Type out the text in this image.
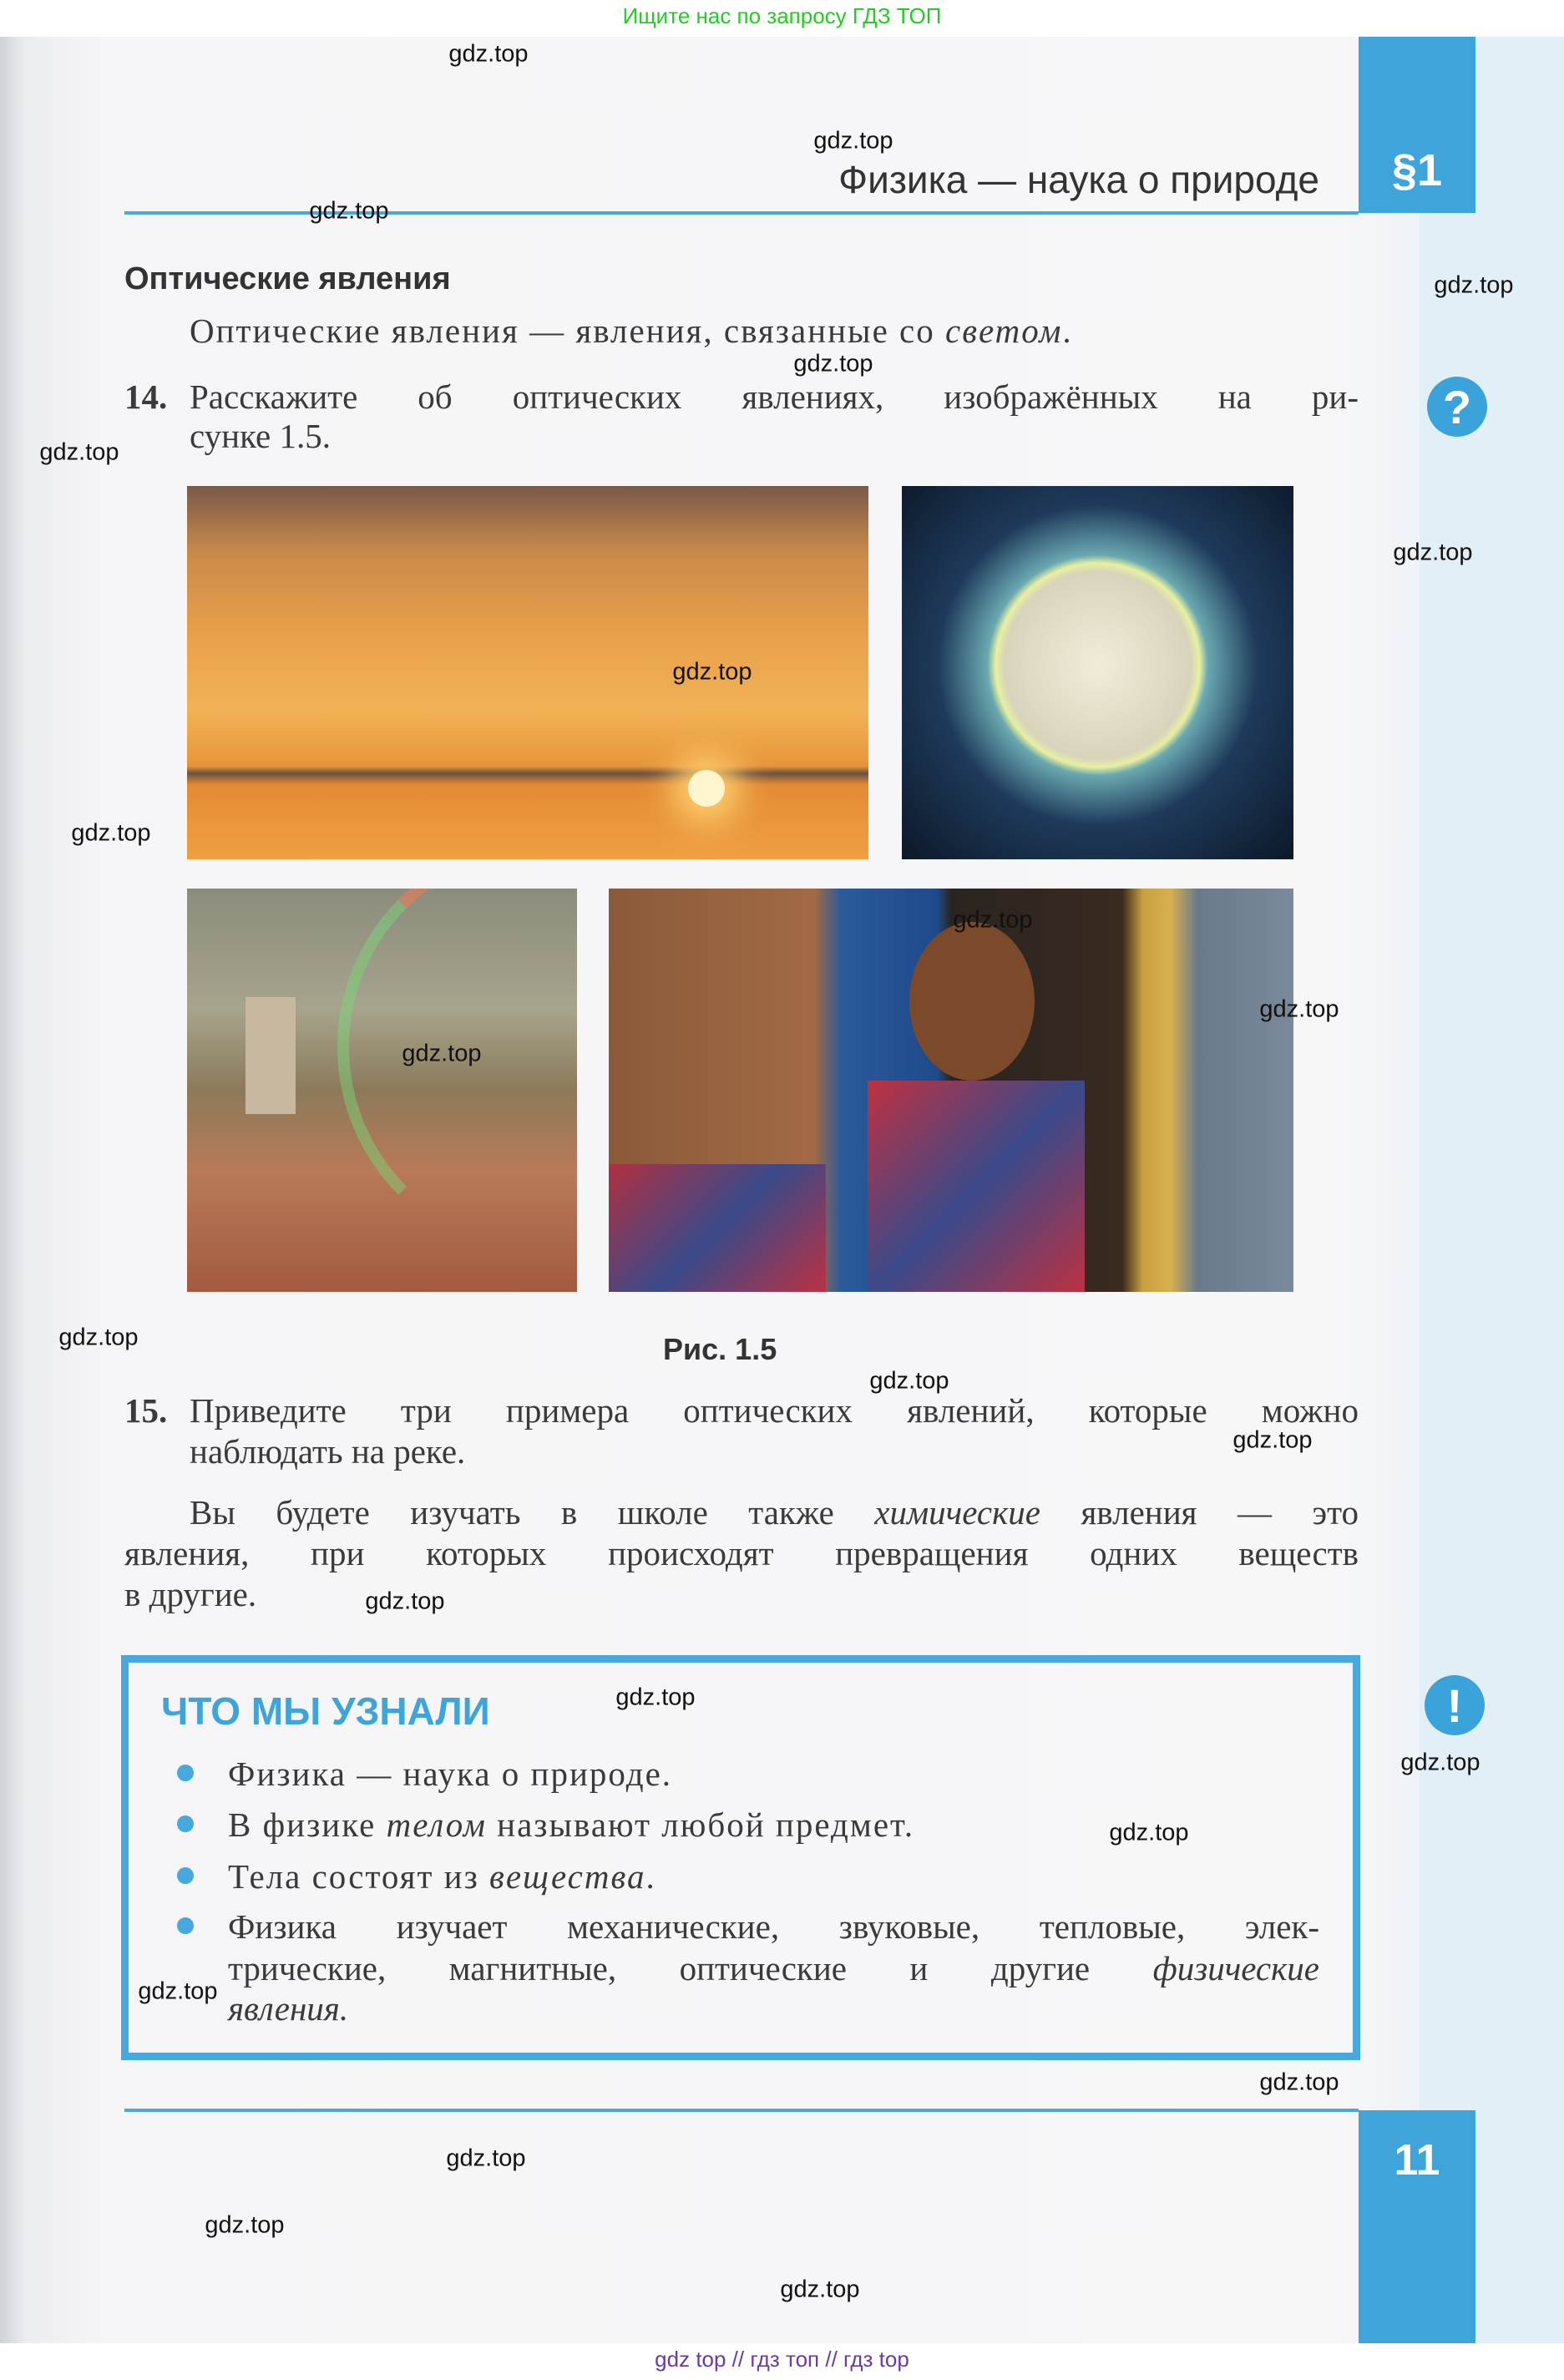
Ищите нас по запросу ГДЗ ТОП
§1
Физика — наука о природе
Оптические явления
Оптические явления — явления, связанные со светом.
14. Расскажите об оптических явлениях, изображённых на ри-
сунке 1.5.
?
Рис. 1.5
15. Приведите три примера оптических явлений, которые можно
наблюдать на реке.
Вы будете изучать в школе также химические явления — это
явления, при которых происходят превращения одних веществ
в другие.
ЧТО МЫ УЗНАЛИ
Физика — наука о природе.
В физике телом называют любой предмет.
Тела состоят из вещества.
Физика изучает механические, звуковые, тепловые, элек-
трические, магнитные, оптические и другие физические
явления.
!
11
gdz top // гдз топ // гдз top
gdz.top
gdz.top
gdz.top
gdz.top
gdz.top
gdz.top
gdz.top
gdz.top
gdz.top
gdz.top
gdz.top
gdz.top
gdz.top
gdz.top
gdz.top
gdz.top
gdz.top
gdz.top
gdz.top
gdz.top
gdz.top
gdz.top
gdz.top
gdz.top
